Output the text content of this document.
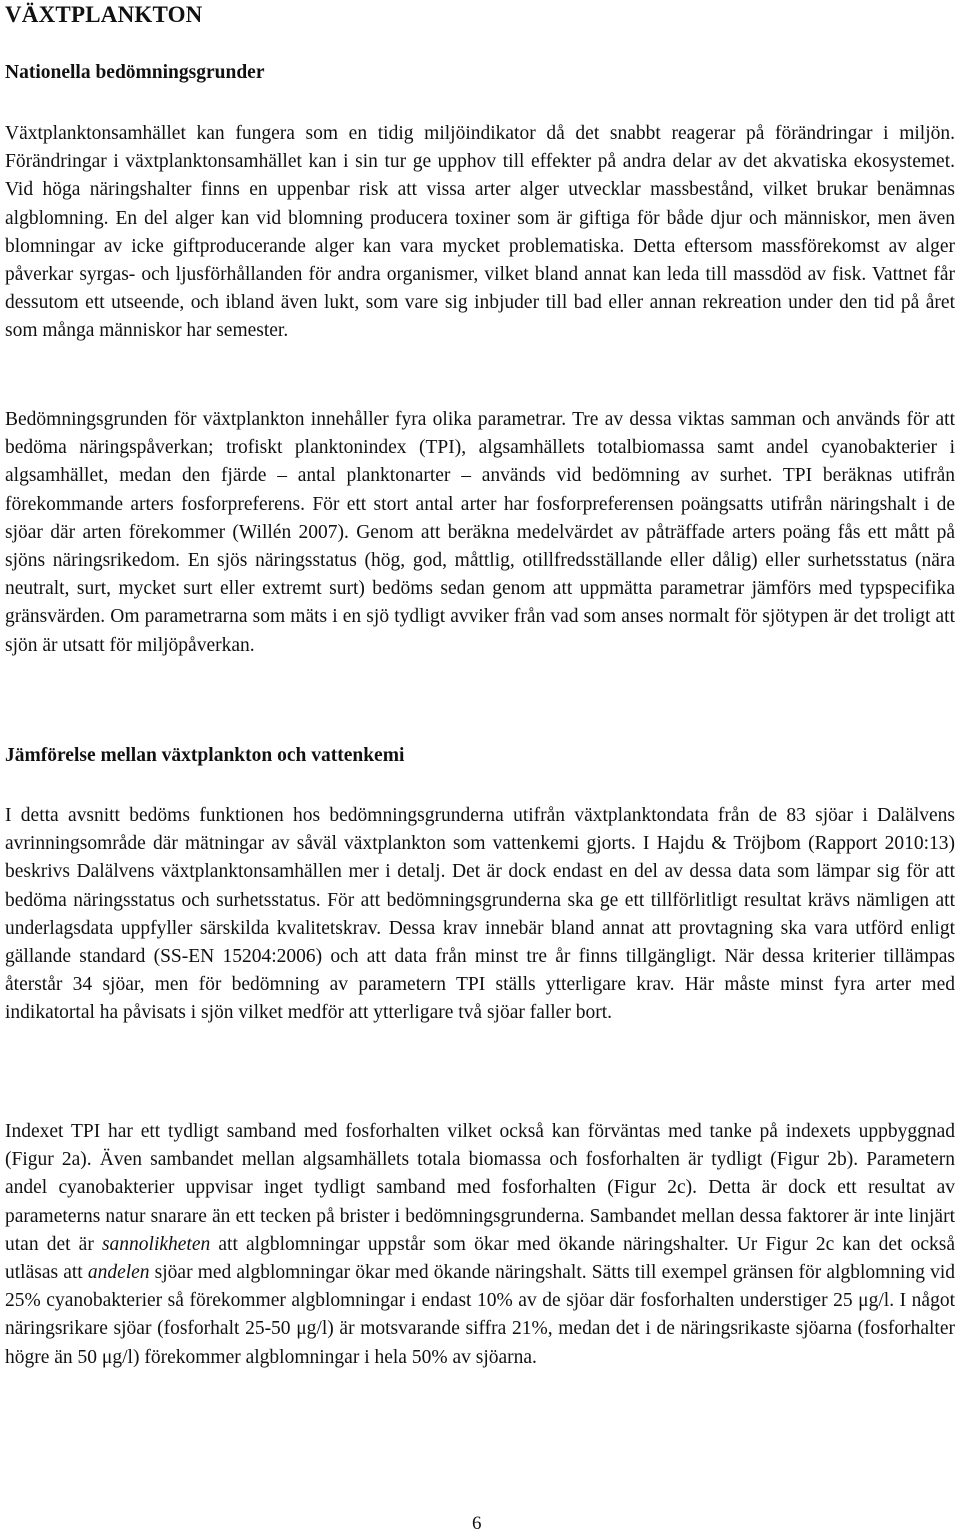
VÄXTPLANKTON
Nationella bedömningsgrunder

Växtplanktonsamhället kan fungera som en tidig miljöindikator då det snabbt reagerar på förändringar i miljön. Förändringar i växtplanktonsamhället kan i sin tur ge upphov till effekter på andra delar av det akvatiska ekosystemet. Vid höga näringshalter finns en uppenbar risk att vissa arter alger utvecklar massbestånd, vilket brukar benämnas algblomning. En del alger kan vid blomning producera toxiner som är giftiga för både djur och människor, men även blomningar av icke giftproducerande alger kan vara mycket problematiska. Detta eftersom massförekomst av alger påverkar syrgas- och ljusförhållanden för andra organismer, vilket bland annat kan leda till massdöd av fisk. Vattnet får dessutom ett utseende, och ibland även lukt, som vare sig inbjuder till bad eller annan rekreation under den tid på året som många människor har semester.

Bedömningsgrunden för växtplankton innehåller fyra olika parametrar. Tre av dessa viktas samman och används för att bedöma näringspåverkan; trofiskt planktonindex (TPI), algsamhällets totalbiomassa samt andel cyanobakterier i algsamhället, medan den fjärde – antal planktonarter – används vid bedömning av surhet. TPI beräknas utifrån förekommande arters fosforpreferens. För ett stort antal arter har fosforpreferensen poängsatts utifrån näringshalt i de sjöar där arten förekommer (Willén 2007). Genom att beräkna medelvärdet av påträffade arters poäng fås ett mått på sjöns näringsrikedom. En sjös näringsstatus (hög, god, måttlig, otillfredsställande eller dålig) eller surhetsstatus (nära neutralt, surt, mycket surt eller extremt surt) bedöms sedan genom att uppmätta parametrar jämförs med typspecifika gränsvärden. Om parametrarna som mäts i en sjö tydligt avviker från vad som anses normalt för sjötypen är det troligt att sjön är utsatt för miljöpåverkan.

Jämförelse mellan växtplankton och vattenkemi

I detta avsnitt bedöms funktionen hos bedömningsgrunderna utifrån växtplanktondata från de 83 sjöar i Dalälvens avrinningsområde där mätningar av såväl växtplankton som vattenkemi gjorts. I Hajdu & Tröjbom (Rapport 2010:13) beskrivs Dalälvens växtplanktonsamhällen mer i detalj. Det är dock endast en del av dessa data som lämpar sig för att bedöma näringsstatus och surhetsstatus. För att bedömningsgrunderna ska ge ett tillförlitligt resultat krävs nämligen att underlagsdata uppfyller särskilda kvalitetskrav. Dessa krav innebär bland annat att provtagning ska vara utförd enligt gällande standard (SS-EN 15204:2006) och att data från minst tre år finns tillgängligt. När dessa kriterier tillämpas återstår 34 sjöar, men för bedömning av parametern TPI ställs ytterligare krav. Här måste minst fyra arter med indikatortal ha påvisats i sjön vilket medför att ytterligare två sjöar faller bort.

Indexet TPI har ett tydligt samband med fosforhalten vilket också kan förväntas med tanke på indexets uppbyggnad (Figur 2a). Även sambandet mellan algsamhällets totala biomassa och fosforhalten är tydligt (Figur 2b). Parametern andel cyanobakterier uppvisar inget tydligt samband med fosforhalten (Figur 2c). Detta är dock ett resultat av parameterns natur snarare än ett tecken på brister i bedömningsgrunderna. Sambandet mellan dessa faktorer är inte linjärt utan det är sannolikheten att algblomningar uppstår som ökar med ökande näringshalter. Ur Figur 2c kan det också utläsas att andelen sjöar med algblomningar ökar med ökande näringshalt. Sätts till exempel gränsen för algblomning vid 25% cyanobakterier så förekommer algblomningar i endast 10% av de sjöar där fosforhalten understiger 25 μg/l. I något näringsrikare sjöar (fosforhalt 25-50 μg/l) är motsvarande siffra 21%, medan det i de näringsrikaste sjöarna (fosforhalter högre än 50 μg/l) förekommer algblomningar i hela 50% av sjöarna.

6
